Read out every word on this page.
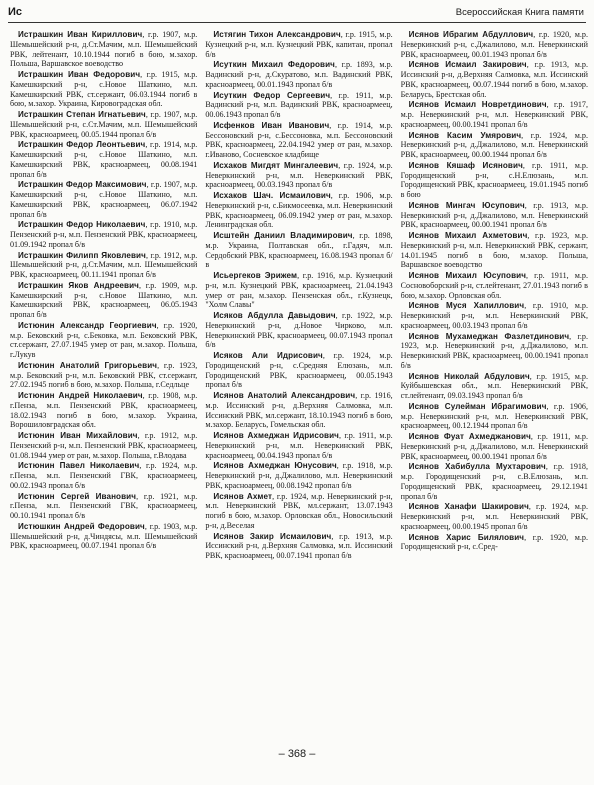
Ис	Всероссийская Книга памяти

Истрашкин Иван Кириллович, г.р. 1907, м.р. Шемышейский р-н, д.Ст.Мачим, м.п. Шемышейский РВК, лейтенант, 10.10.1944 погиб в бою, м.захор. Польша, Варшавское воеводство

Истрашкин Иван Федорович, г.р. 1915, м.р. Камешкирский р-н, с.Новое Шаткино, м.п. Камешкирский РВК, ст.сержант, 06.03.1944 погиб в бою, м.захор. Украина, Кировоградская обл.

Истрашкин Степан Игнатьевич, г.р. 1907, м.р. Шемышейский р-н, с.Ст.Мачим, м.п. Шемышейский РВК, красноармеец, 00.05.1944 пропал б/в

Истрашкин Федор Леонтьевич, г.р. 1914, м.р. Камешкирский р-н, с.Новое Шаткино, м.п. Камешкирский РВК, красноармеец, 00.08.1941 пропал б/в

Истрашкин Федор Максимович, г.р. 1907, м.р. Камешкирский р-н, с.Новое Шаткино, м.п. Камешкирский РВК, красноармеец, 06.07.1942 пропал б/в

Истрашкин Федор Николаевич, г.р. 1910, м.р. Пензенский р-н, м.п. Пензенский РВК, красноармеец, 01.09.1942 пропал б/в

Истрашкин Филипп Яковлевич, г.р. 1912, м.р. Шемышейский р-н, д.Ст.Мачим, м.п. Шемышейский РВК, красноармеец, 00.11.1941 пропал б/в

Истрашкин Яков Андреевич, г.р. 1909, м.р. Камешкирский р-н, с.Новое Шаткино, м.п. Камешкирский РВК, красноармеец, 06.05.1943 пропал б/в

Истюнин Александр Георгиевич, г.р. 1920, м.р. Бековский р-н, с.Бековка, м.п. Бековский РВК, ст.сержант, 27.07.1945 умер от ран, м.захор. Польша, г.Лукув

Истюнин Анатолий Григорьевич, г.р. 1923, м.р. Бековский р-н, м.п. Бековский РВК, ст.сержант, 27.02.1945 погиб в бою, м.захор. Польша, г.Седльце

Истюнин Андрей Николаевич, г.р. 1908, м.р. г.Пенза, м.п. Пензенский РВК, красноармеец, 18.02.1943 погиб в бою, м.захор. Украина, Ворошиловградская обл.

Истюнин Иван Михайлович, г.р. 1912, м.р. Пензенский р-н, м.п. Пензенский РВК, красноармеец, 01.08.1944 умер от ран, м.захор. Польша, г.Влодава

Истюнин Павел Николаевич, г.р. 1924, м.р. г.Пенза, м.п. Пензенский ГВК, красноармеец, 00.02.1943 пропал б/в

Истюнин Сергей Иванович, г.р. 1921, м.р. г.Пенза, м.п. Пензенский ГВК, красноармеец, 00.10.1941 пропал б/в

Истюшкин Андрей Федорович, г.р. 1903, м.р. Шемышейский р-н, д.Чиндясы, м.п. Шемышейский РВК, красноармеец, 00.07.1941 пропал б/в

Истягин Тихон Александрович, г.р. 1915, м.р. Кузнецкий р-н, м.п. Кузнецкий РВК, капитан, пропал б/в

Исуткин Михаил Федорович, г.р. 1893, м.р. Вадинский р-н, д.Скуратово, м.п. Вадинский РВК, красноармеец, 00.01.1943 пропал б/в

Исуткин Федор Сергеевич, г.р. 1911, м.р. Вадинский р-н, м.п. Вадинский РВК, красноармеец, 00.06.1943 пропал б/в

Исфенков Иван Иванович, г.р. 1914, м.р. Бессоновский р-н, с.Бессоновка, м.п. Бессоновский РВК, красноармеец, 22.04.1942 умер от ран, м.захор. г.Иваново, Сосневское кладбище

Исхаков Мигдят Мингалеевич, г.р. 1924, м.р. Неверкинский р-н, м.п. Неверкинский РВК, красноармеец, 00.03.1943 пропал б/в

Исхаков Шач. Исмаилович, г.р. 1906, м.р. Неверкинский р-н, с.Бикмосеевка, м.п. Неверкинский РВК, красноармеец, 06.09.1942 умер от ран, м.захор. Ленинградская обл.

Исштейн Даниил Владимирович, г.р. 1898, м.р. Украина, Полтавская обл., г.Гадяч, м.п. Сердобский РВК, красноармеец, 16.08.1943 пропал б/в

Исьергеков Эрижем, г.р. 1916, м.р. Кузнецкий р-н, м.п. Кузнецкий РВК, красноармеец, 21.04.1943 умер от ран, м.захор. Пензенская обл., г.Кузнецк, "Холм Славы"

Исяков Абдулла Давыдович, г.р. 1922, м.р. Неверкинский р-н, д.Новое Чирково, м.п. Неверкинский РВК, красноармеец, 00.07.1943 пропал б/в

Исяков Али Идрисович, г.р. 1924, м.р. Городищенский р-н, с.Средняя Елюзань, м.п. Городищенский РВК, красноармеец, 00.05.1943 пропал б/в

Исянов Анатолий Александрович, г.р. 1916, м.р. Иссинский р-н, д.Верхняя Салмовка, м.п. Иссинский РВК, мл.сержант, 18.10.1943 погиб в бою, м.захор. Беларусь, Гомельская обл.

Исянов Ахмеджан Идрисович, г.р. 1911, м.р. Неверкинский р-н, м.п. Неверкинский РВК, красноармеец, 00.04.1943 пропал б/в

Исянов Ахмеджан Юнусович, г.р. 1918, м.р. Неверкинский р-н, д.Джалилово, м.п. Неверкинский РВК, красноармеец, 00.08.1942 пропал б/в

Исянов Ахмет, г.р. 1924, м.р. Неверкинский р-н, м.п. Неверкинский РВК, мл.сержант, 13.07.1943 погиб в бою, м.захор. Орловская обл., Новосильский р-н, д.Веселая

Исянов Закир Исмаилович, г.р. 1913, м.р. Иссинский р-н, д.Верхняя Салмовка, м.п. Иссинский РВК, красноармеец, 00.07.1941 пропал б/в

Исянов Ибрагим Абдуллович, г.р. 1920, м.р. Неверкинский р-н, с.Джалилово, м.п. Неверкинский РВК, красноармеец, 00.01.1943 пропал б/в

Исянов Исмаил Закирович, г.р. 1913, м.р. Иссинский р-н, д.Верхняя Салмовка, м.п. Иссинский РВК, красноармеец, 00.07.1944 погиб в бою, м.захор. Беларусь, Брестская обл.

Исянов Исмаил Новретдинович, г.р. 1917, м.р. Неверкинский р-н, м.п. Неверкинский РВК, красноармеец, 00.00.1941 пропал б/в

Исянов Касим Умярович, г.р. 1924, м.р. Неверкинский р-н, д.Джалилово, м.п. Неверкинский РВК, красноармеец, 00.00.1944 пропал б/в

Исянов Кяшаф Исянович, г.р. 1911, м.р. Городищенский р-н, с.Н.Елюзань, м.п. Городищенский РВК, красноармеец, 19.01.1945 погиб в бою

Исянов Мингач Юсупович, г.р. 1913, м.р. Неверкинский р-н, д.Джалилово, м.п. Неверкинский РВК, красноармеец, 00.00.1941 пропал б/в

Исянов Михаил Ахметович, г.р. 1923, м.р. Неверкинский р-н, м.п. Неверкинский РВК, сержант, 14.01.1945 погиб в бою, м.захор. Польша, Варшавское воеводство

Исянов Михаил Юсупович, г.р. 1911, м.р. Сосновоборский р-н, ст.лейтенант, 27.01.1943 погиб в бою, м.захор. Орловская обл.

Исянов Муся Хапиллович, г.р. 1910, м.р. Неверкинский р-н, м.п. Неверкинский РВК, красноармеец, 00.03.1943 пропал б/в

Исянов Мухамеджан Фазлетдинович, г.р. 1923, м.р. Неверкинский р-н, д.Джалилово, м.п. Неверкинский РВК, красноармеец, 00.00.1941 пропал б/в

Исянов Николай Абдулович, г.р. 1915, м.р. Куйбышевская обл., м.п. Неверкинский РВК, ст.лейтенант, 09.03.1943 пропал б/в

Исянов Сулейман Ибрагимович, г.р. 1906, м.р. Неверкинский р-н, м.п. Неверкинский РВК, красноармеец, 00.12.1944 пропал б/в

Исянов Фуат Ахмеджанович, г.р. 1911, м.р. Неверкинский р-н, д.Джалилово, м.п. Неверкинский РВК, красноармеец, 00.00.1941 пропал б/в

Исянов Хабибулла Мухтарович, г.р. 1918, м.р. Городищенский р-н, с.В.Елюзань, м.п. Городищенский РВК, красноармеец, 29.12.1941 пропал б/в

Исянов Ханафи Шакирович, г.р. 1924, м.р. Неверкинский р-н, м.п. Неверкинский РВК, красноармеец, 00.00.1945 пропал б/в

Исянов Харис Билялович, г.р. 1920, м.р. Городищенский р-н, с.Сред-

– 368 –
